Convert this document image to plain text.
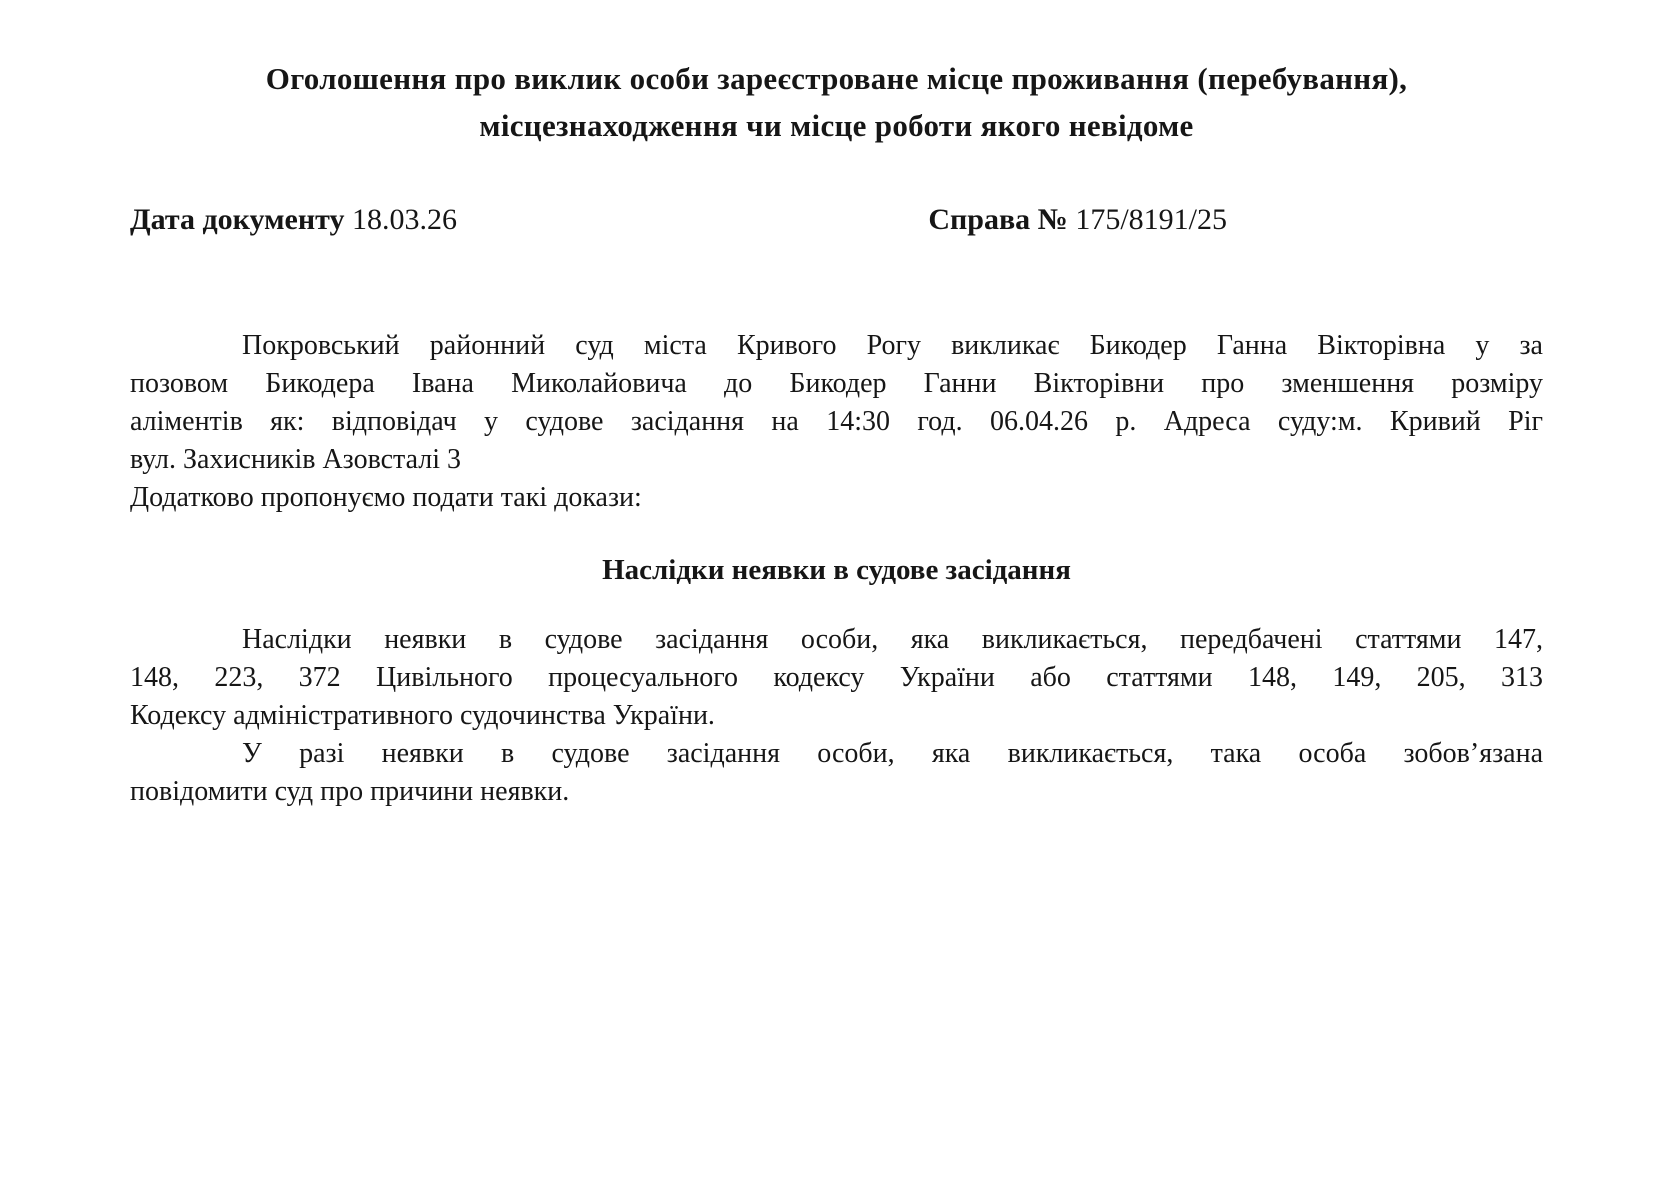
Оголошення про виклик особи зареєстроване місце проживання (перебування),
місцезнаходження чи місце роботи якого невідоме
Дата документу 18.03.26	Справа № 175/8191/25
Покровський районний суд міста Кривого Рогу викликає Бикодер Ганна Вікторівна у за
позовом Бикодера Івана Миколайовича до Бикодер Ганни Вікторівни про зменшення розміру
аліментів як: відповідач у судове засідання на 14:30 год. 06.04.26 р. Адреса суду:м. Кривий Ріг
вул. Захисників Азовсталі 3
Додатково пропонуємо подати такі докази:
Наслідки неявки в судове засідання
Наслідки неявки в судове засідання особи, яка викликається, передбачені статтями 147,
148, 223, 372 Цивільного процесуального кодексу України або статтями 148, 149, 205, 313
Кодексу адміністративного судочинства України.
У разі неявки в судове засідання особи, яка викликається, така особа зобов’язана
повідомити суд про причини неявки.
